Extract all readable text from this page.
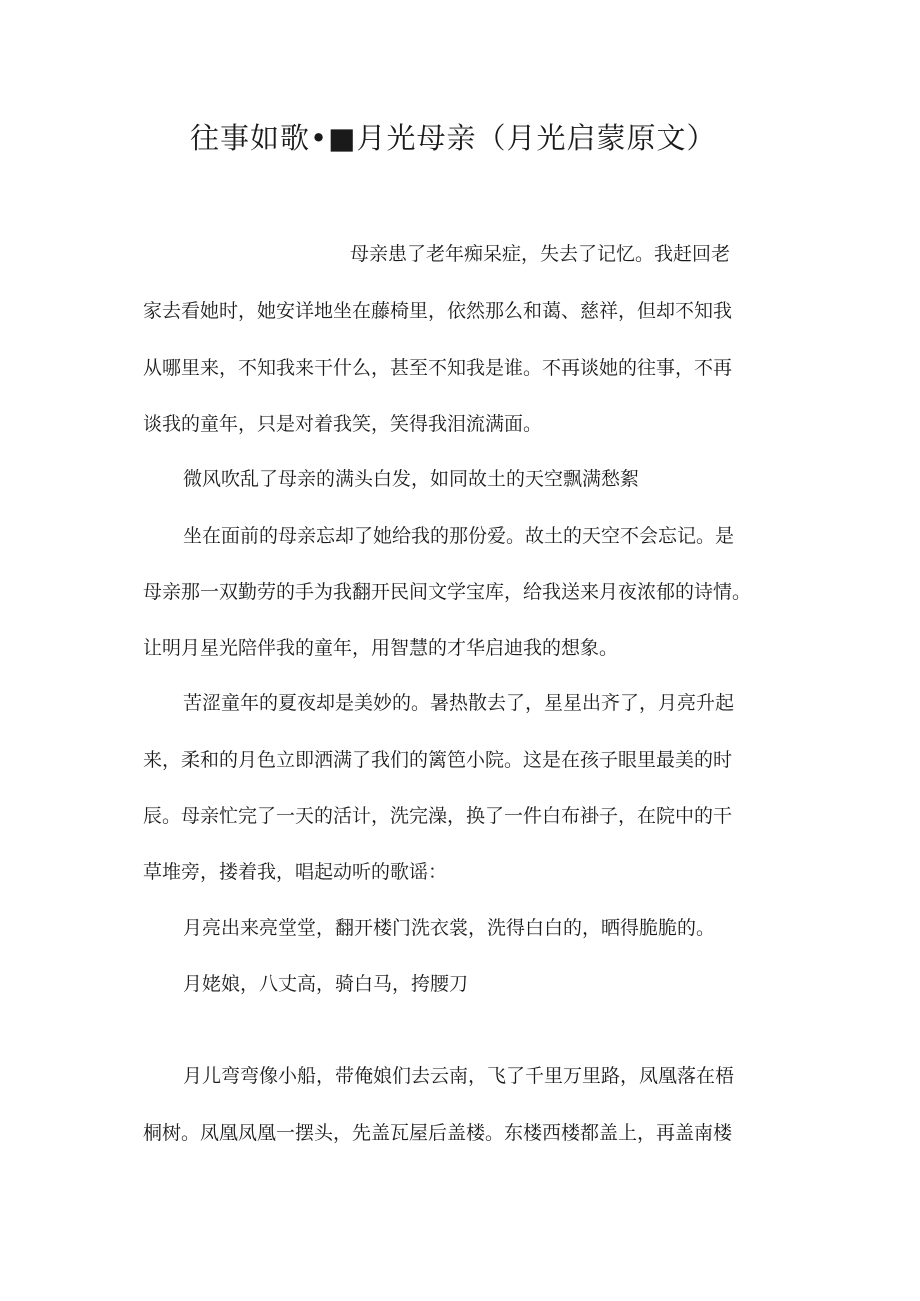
往事如歌•■月光母亲（月光启蒙原文）
母亲患了老年痴呆症，失去了记忆。我赶回老
家去看她时，她安详地坐在藤椅里，依然那么和蔼、慈祥，但却不知我
从哪里来，不知我来干什么，甚至不知我是谁。不再谈她的往事，不再
谈我的童年，只是对着我笑，笑得我泪流满面。
微风吹乱了母亲的满头白发，如同故土的天空飘满愁絮
坐在面前的母亲忘却了她给我的那份爱。故土的天空不会忘记。是
母亲那一双勤劳的手为我翻开民间文学宝库，给我送来月夜浓郁的诗情。
让明月星光陪伴我的童年，用智慧的才华启迪我的想象。
苦涩童年的夏夜却是美妙的。暑热散去了，星星出齐了，月亮升起
来，柔和的月色立即洒满了我们的篱笆小院。这是在孩子眼里最美的时
辰。母亲忙完了一天的活计，洗完澡，换了一件白布褂子，在院中的干
草堆旁，搂着我，唱起动听的歌谣：
月亮出来亮堂堂，翻开楼门洗衣裳，洗得白白的，晒得脆脆的。
月姥娘，八丈高，骑白马，挎腰刀
月儿弯弯像小船，带俺娘们去云南，飞了千里万里路，凤凰落在梧
桐树。凤凰凤凰一摆头，先盖瓦屋后盖楼。东楼西楼都盖上，再盖南楼
